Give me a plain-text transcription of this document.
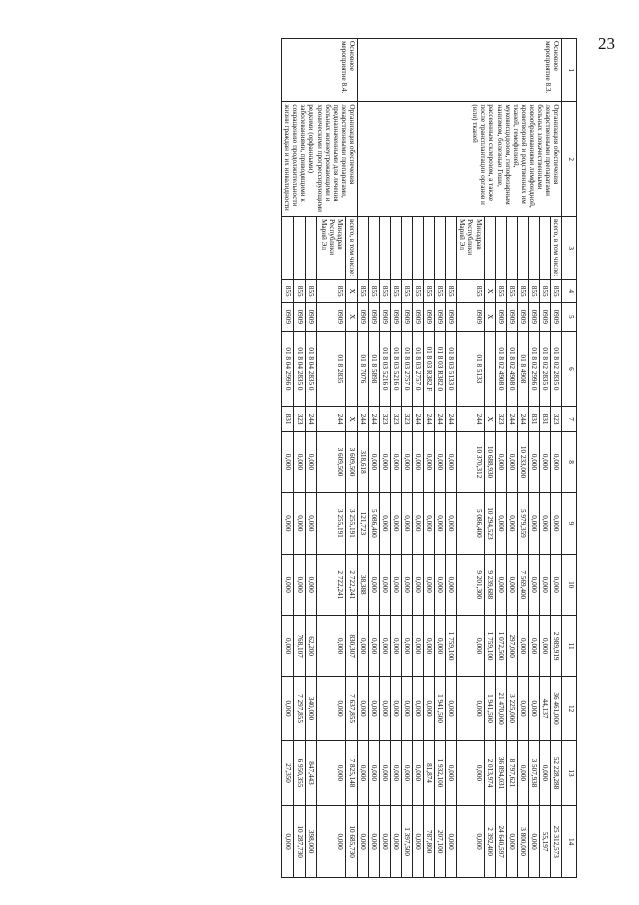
23
1	2	3	4	5	6	7	8	9	10	11	12	13	14
Основное мероприятие 8.3.	Организация обеспечения лекарственными препаратами больных злокачественными новообразованиями лимфоидной, кроветворной и родственных им тканей, гемофилией, муковисцидозом, гипофизарным нанизмом, болезнью Гоше, рассеянным склерозом, а также после трансплантации органов и (или) тканей	всего, в том числе:	855	0909	01 8 02 2835 0	323	0,000	0,000	0,000	2 989,919	36 461,000	52 228,288	25 312,573
			855	0909	01 8 02 2835 0	831	0,000	0,000	0,000	0,000	44,137	0,000	55,197
			855	0909	01 8 02 2996 0	831	0,000	0,000	0,000	0,000	0,000	3 507,938	0,000
			855	0909	01 8 4908	244	10 233,000	5 979,359	7 569,400	0,000	0,000	0,000	3 800,000
			855	0909	01 8 02 4908 0	244	0,000	0,000	0,000	297,000	3 225,000	8 797,621	0,000
			855	0909	01 8 02 4908 0	323	0,000	0,000	0,000	1 072,500	21 470,000	36 894,031	24 640,597
			X	X		X	10 688,930	10 294,523	9 239,688	1 759,100	1 941,500	2 013,974	2 392,400
		Минздрав Республики Марий Эл	855	0909	01 8 5133	244	10 370,312	5 086,400	9 201,300	0,000	0,000	0,000	0,000
			855	0909	01 8 03 5133 0	244	0,000	0,000	0,000	1 759,100	0,000	0,000	0,000
			855	0909	01 8 03 R382 0	244	0,000	0,000	0,000	0,000	1 941,500	1 932,100	207,100
			855	0909	01 8 03 R382 F	244	0,000	0,000	0,000	0,000	0,000	81,874	787,800
			855	0909	01 8 03 2757 0	244	0,000	0,000	0,000	0,000	0,000	0,000	0,000
			855	0909	01 8 03 2757 0	323	0,000	0,000	0,000	0,000	0,000	0,000	1 397,500
			855	0909	01 8 03 5216 0	323	0,000	0,000	0,000	0,000	0,000	0,000	0,000
			855	0909	01 8 03 5216 0	323	0,000	0,000	0,000	0,000	0,000	0,000	0,000
			855	0909	01 8 5898	244	0,000	5 086,400	0,000	0,000	0,000	0,000	0,000
			855	0909	01 8 7076	244	318,618	121,723	38,388	0,000	0,000	0,000	0,000
Основное мероприятие 8.4.	Организация обеспечения лекарственными препаратами, предназначенными для лечения больных жизнеугрожающими и хроническими прогрессирующими редкими (орфанными) заболеваниями, приводящими к сокращению продолжительности жизни граждан и их инвалидности	всего, в том числе:	X	X		X	3 609,500	3 255,191	2 722,241	830,307	7 637,855	7 825,148	10 685,730
		Минздрав Республики Марий Эл	855	0909	01 8 2835	244	3 609,500	3 255,191	2 722,241	0,000	0,000	0,000	0,000
			855	0909	01 8 04 2835 0	244	0,000	0,000	0,000	62,200	340,000	847,443	398,000
			855	0909	01 8 04 2835 0	323	0,000	0,000	0,000	768,107	7 297,855	6 950,355	10 287,730
			855	0909	01 8 04 2996 0	831	0,000	0,000	0,000	0,000	0,000	27,350	0,000
